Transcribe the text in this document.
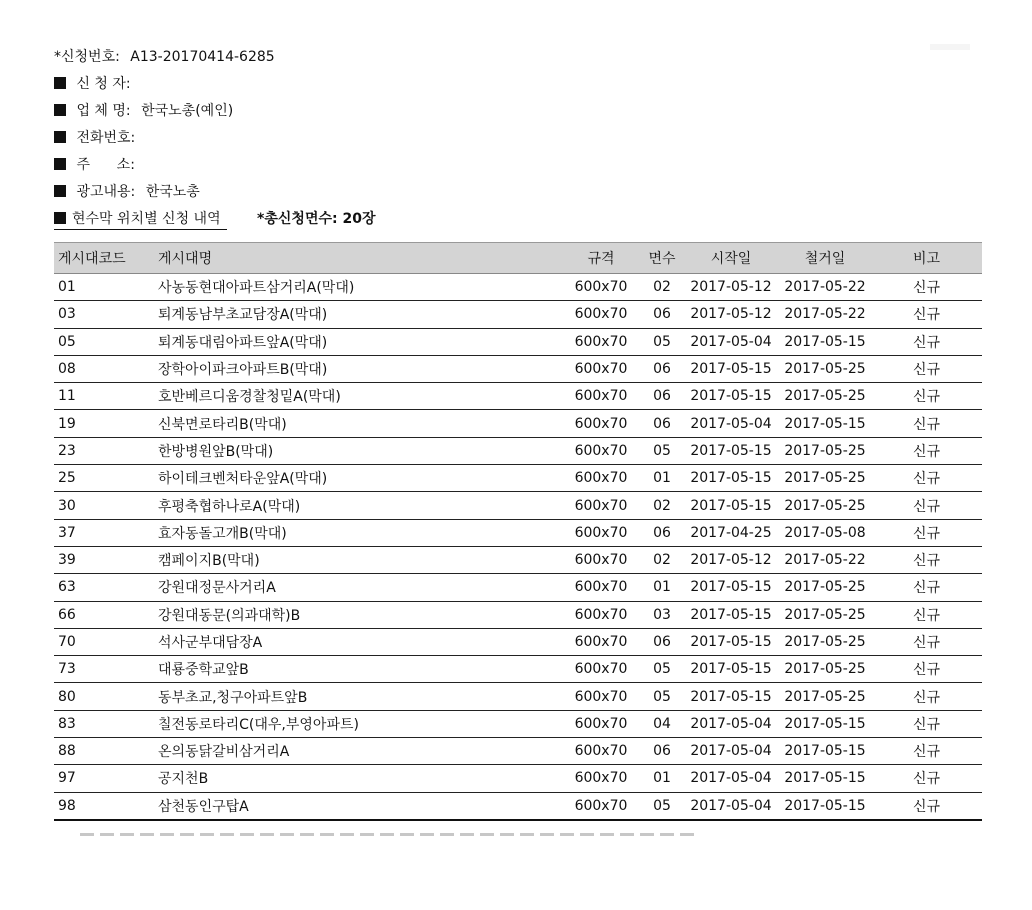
*신청번호: A13-20170414-6285
신 청 자:
업 체 명: 한국노총(예인)
전화번호:
주      소:
광고내용: 한국노총
현수막 위치별 신청 내역	*총신청면수: 20장
게시대코드	게시대명	규격	면수	시작일	철거일	비고
01	사농동현대아파트삼거리A(막대)	600x70	02	2017-05-12	2017-05-22	신규
03	퇴계동남부초교담장A(막대)	600x70	06	2017-05-12	2017-05-22	신규
05	퇴계동대림아파트앞A(막대)	600x70	05	2017-05-04	2017-05-15	신규
08	장학아이파크아파트B(막대)	600x70	06	2017-05-15	2017-05-25	신규
11	호반베르디움경찰청밑A(막대)	600x70	06	2017-05-15	2017-05-25	신규
19	신북면로타리B(막대)	600x70	06	2017-05-04	2017-05-15	신규
23	한방병원앞B(막대)	600x70	05	2017-05-15	2017-05-25	신규
25	하이테크벤처타운앞A(막대)	600x70	01	2017-05-15	2017-05-25	신규
30	후평축협하나로A(막대)	600x70	02	2017-05-15	2017-05-25	신규
37	효자동돌고개B(막대)	600x70	06	2017-04-25	2017-05-08	신규
39	캠페이지B(막대)	600x70	02	2017-05-12	2017-05-22	신규
63	강원대정문사거리A	600x70	01	2017-05-15	2017-05-25	신규
66	강원대동문(의과대학)B	600x70	03	2017-05-15	2017-05-25	신규
70	석사군부대담장A	600x70	06	2017-05-15	2017-05-25	신규
73	대룡중학교앞B	600x70	05	2017-05-15	2017-05-25	신규
80	동부초교,청구아파트앞B	600x70	05	2017-05-15	2017-05-25	신규
83	칠전동로타리C(대우,부영아파트)	600x70	04	2017-05-04	2017-05-15	신규
88	온의동닭갈비삼거리A	600x70	06	2017-05-04	2017-05-15	신규
97	공지천B	600x70	01	2017-05-04	2017-05-15	신규
98	삼천동인구탑A	600x70	05	2017-05-04	2017-05-15	신규
